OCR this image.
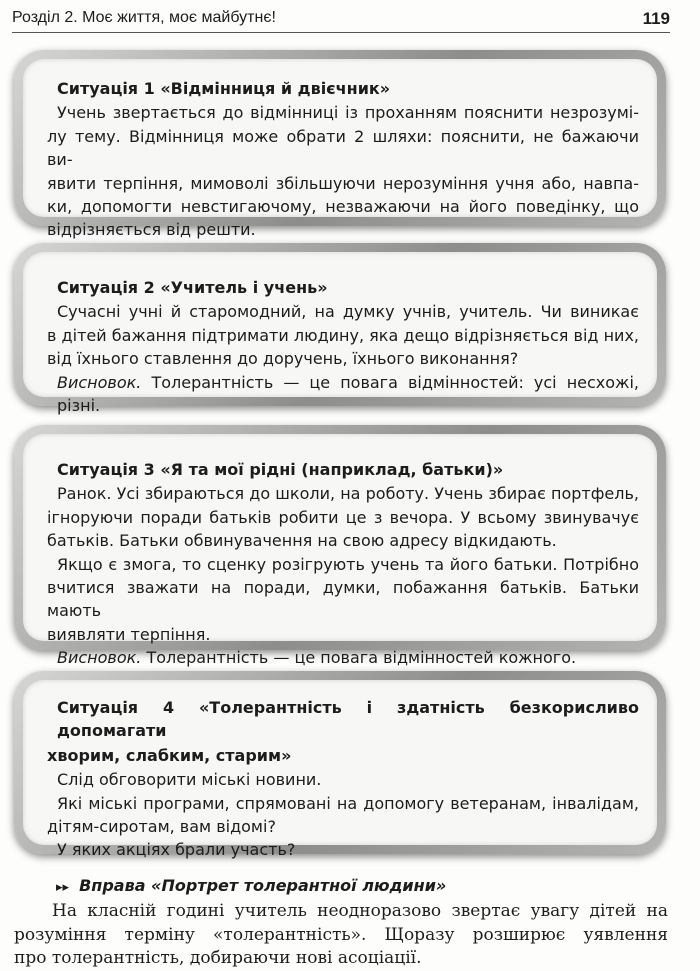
Розділ 2. Моє життя, моє майбутнє!	119
Ситуація 1 «Відмінниця й двієчник»

Учень звертається до відмінниці із проханням пояснити незрозумі-

лу тему. Відмінниця може обрати 2 шляхи: пояснити, не бажаючи ви-

явити терпіння, мимоволі збільшуючи нерозуміння учня або, навпа-

ки, допомогти невстигаючому, незважаючи на його поведінку, що

відрізняється від решти.

Ситуація 2 «Учитель і учень»

Сучасні учні й старомодний, на думку учнів, учитель. Чи виникає

в дітей бажання підтримати людину, яка дещо відрізняється від них,

від їхнього ставлення до доручень, їхнього виконання?

Висновок. Толерантність — це повага відмінностей: усі несхожі, різні.

Ситуація 3 «Я та мої рідні (наприклад, батьки)»

Ранок. Усі збираються до школи, на роботу. Учень збирає портфель,

ігноруючи поради батьків робити це з вечора. У всьому звинувачує

батьків. Батьки обвинувачення на свою адресу відкидають.

Якщо є змога, то сценку розігрують учень та його батьки. Потрібно

вчитися зважати на поради, думки, побажання батьків. Батьки мають

виявляти терпіння.

Висновок. Толерантність — це повага відмінностей кожного.

Ситуація 4 «Толерантність і здатність безкорисливо допомагати
хворим, слабким, старим»

Слід обговорити міські новини.

Які міські програми, спрямовані на допомогу ветеранам, інвалідам,

дітям-сиротам, вам відомі?

У яких акціях брали участь?

▸▸ Вправа «Портрет толерантної людини»
На класній годині учитель неодноразово звертає увагу дітей на
розуміння терміну «толерантність». Щоразу розширює уявлення
про толерантність, добираючи нові асоціації.
